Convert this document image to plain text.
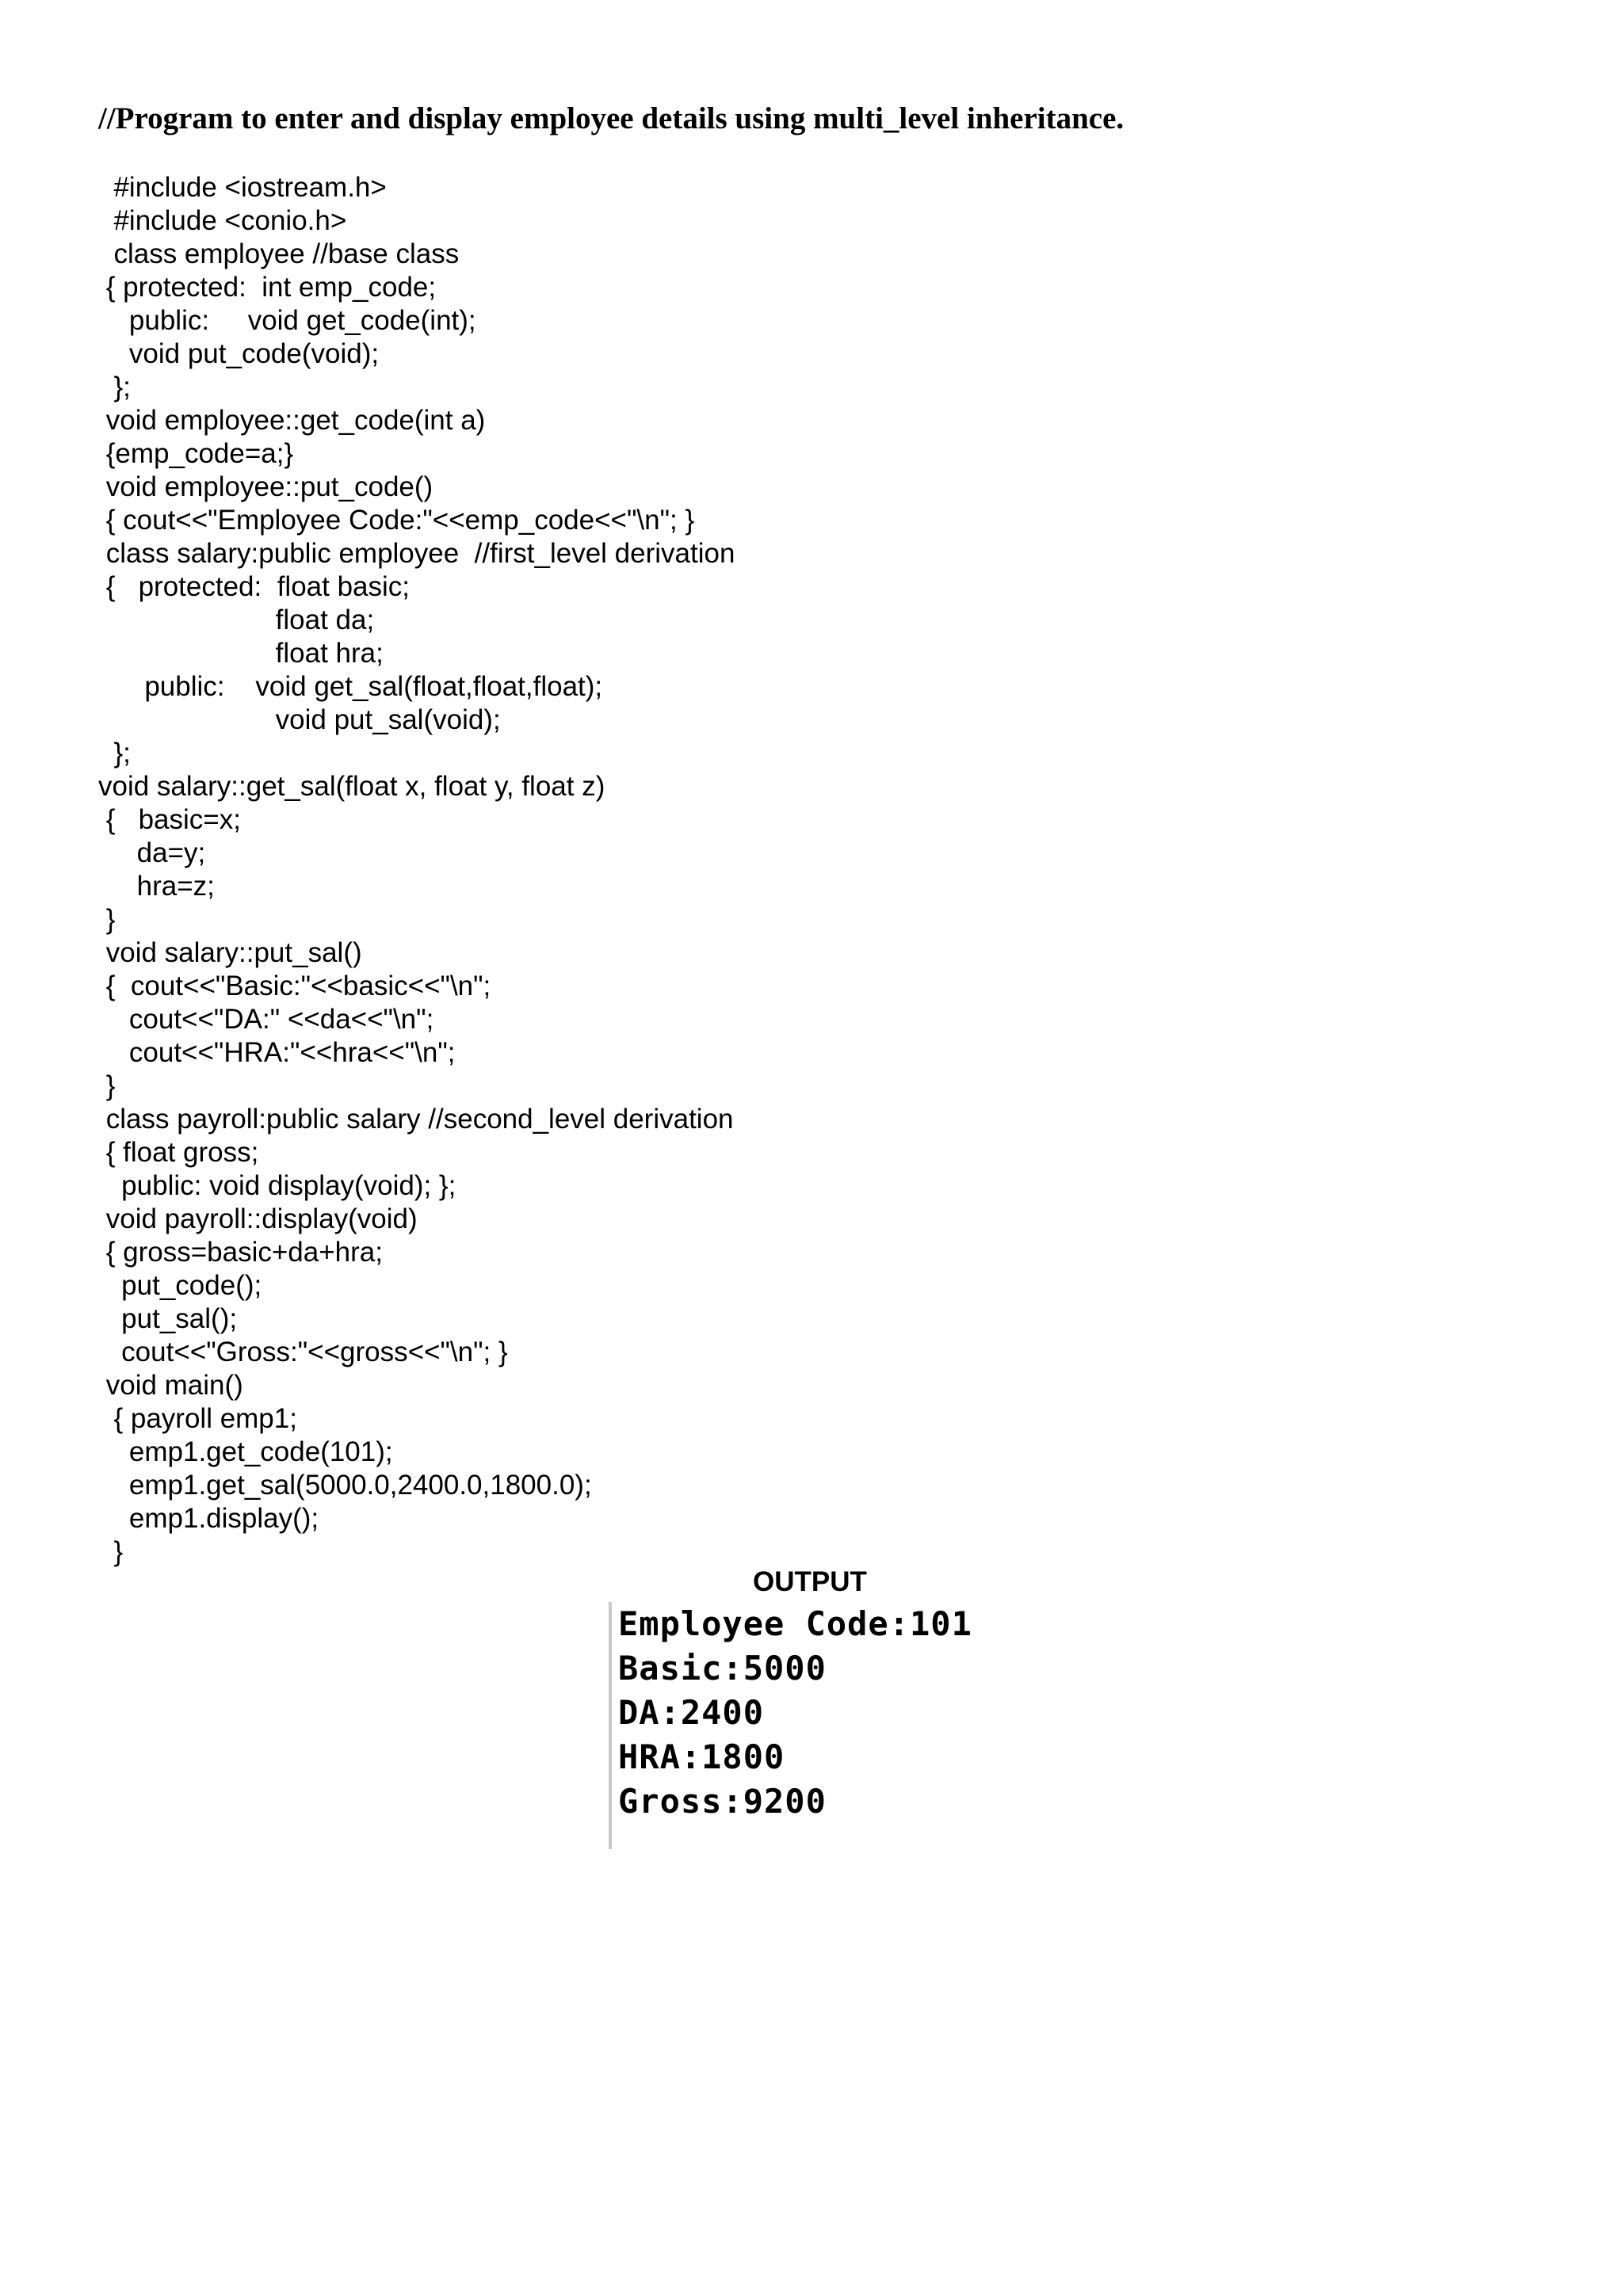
//Program to enter and display employee details using multi_level inheritance.
#include <iostream.h>
#include <conio.h>
class employee //base class
{ protected:  int emp_code;
public:     void get_code(int);
void put_code(void);
};
void employee::get_code(int a)
{emp_code=a;}
void employee::put_code()
{ cout<<"Employee Code:"<<emp_code<<"\n"; }
class salary:public employee  //first_level derivation
{   protected:  float basic;
float da;
float hra;
public:    void get_sal(float,float,float);
void put_sal(void);
};
void salary::get_sal(float x, float y, float z)
{   basic=x;
da=y;
hra=z;
}
void salary::put_sal()
{  cout<<"Basic:"<<basic<<"\n";
cout<<"DA:" <<da<<"\n";
cout<<"HRA:"<<hra<<"\n";
}
class payroll:public salary //second_level derivation
{ float gross;
public: void display(void); };
void payroll::display(void)
{ gross=basic+da+hra;
put_code();
put_sal();
cout<<"Gross:"<<gross<<"\n"; }
void main()
{ payroll emp1;
emp1.get_code(101);
emp1.get_sal(5000.0,2400.0,1800.0);
emp1.display();
}
OUTPUT
Employee Code:101
Basic:5000
DA:2400
HRA:1800
Gross:9200
